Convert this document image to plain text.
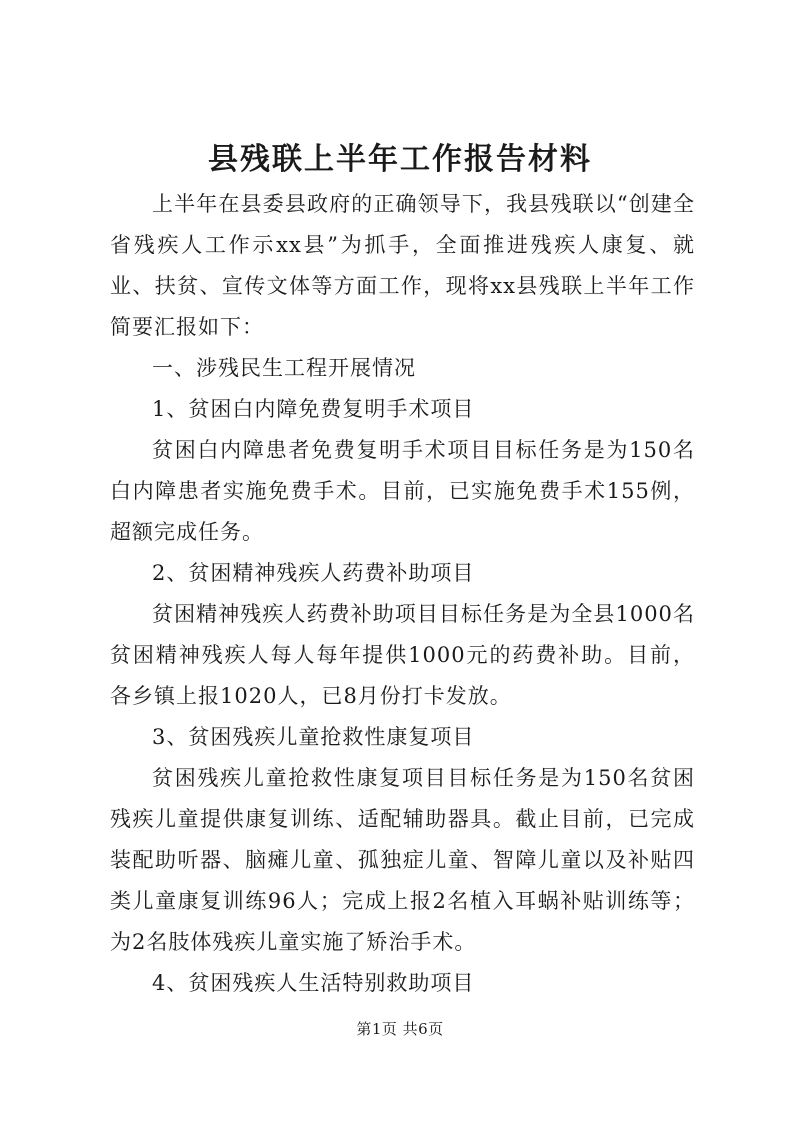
县残联上半年工作报告材料

上半年在县委县政府的正确领导下，我县残联以“创建全省残疾人工作示xx县”为抓手，全面推进残疾人康复、就业、扶贫、宣传文体等方面工作，现将xx县残联上半年工作简要汇报如下：

一、涉残民生工程开展情况

1、贫困白内障免费复明手术项目

贫困白内障患者免费复明手术项目目标任务是为150名白内障患者实施免费手术。目前，已实施免费手术155例，超额完成任务。

2、贫困精神残疾人药费补助项目

贫困精神残疾人药费补助项目目标任务是为全县1000名贫困精神残疾人每人每年提供1000元的药费补助。目前，各乡镇上报1020人，已8月份打卡发放。

3、贫困残疾儿童抢救性康复项目

贫困残疾儿童抢救性康复项目目标任务是为150名贫困残疾儿童提供康复训练、适配辅助器具。截止目前，已完成装配助听器、脑瘫儿童、孤独症儿童、智障儿童以及补贴四类儿童康复训练96人；完成上报2名植入耳蜗补贴训练等；为2名肢体残疾儿童实施了矫治手术。

4、贫困残疾人生活特别救助项目

第1页 共6页
